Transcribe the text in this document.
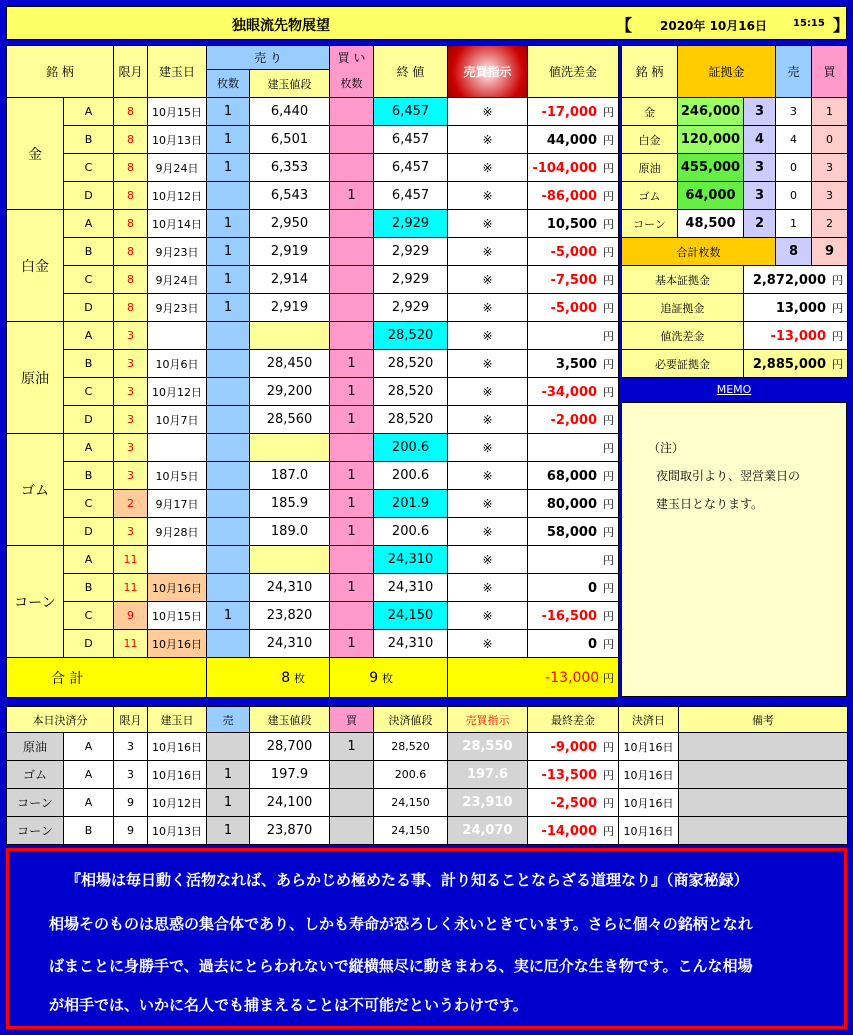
独眼流先物展望	【 2020年 10月16日	15:15 】
銘 柄		限月	建玉日	売 り		買 い	終 値	売買指示	値洗差金
				枚数	建玉値段	枚数			
金	A	8	10月15日	1	6,440		6,457	※	-17,000 円
	B	8	10月13日	1	6,501		6,457	※	44,000 円
	C	8	9月24日	1	6,353		6,457	※	-104,000 円
	D	8	10月12日		6,543	1	6,457	※	-86,000 円
白金	A	8	10月14日	1	2,950		2,929	※	10,500 円
	B	8	9月23日	1	2,919		2,929	※	-5,000 円
	C	8	9月24日	1	2,914		2,929	※	-7,500 円
	D	8	9月23日	1	2,919		2,929	※	-5,000 円
原油	A	3					28,520	※	円
	B	3	10月6日		28,450	1	28,520	※	3,500 円
	C	3	10月12日		29,200	1	28,520	※	-34,000 円
	D	3	10月7日		28,560	1	28,520	※	-2,000 円
ゴム	A	3					200.6	※	円
	B	3	10月5日		187.0	1	200.6	※	68,000 円
	C	2	9月17日		185.9	1	201.9	※	80,000 円
	D	3	9月28日		189.0	1	200.6	※	58,000 円
コーン	A	11					24,310	※	円
	B	11	10月16日		24,310	1	24,310	※	0 円
	C	9	10月15日	1	23,820		24,150	※	-16,500 円
	D	11	10月16日		24,310	1	24,310	※	0 円
合 計				8 枚		9 枚		-13,000 円	
銘 柄	証拠金		売	買
金	246,000	3	3	1
白金	120,000	4	4	0
原油	455,000	3	0	3
ゴム	64,000	3	0	3
コーン	48,500	2	1	2
合計枚数			8	9
基本証拠金		2,872,000 円		
追証拠金		13,000 円		
値洗差金		-13,000 円		
必要証拠金		2,885,000 円		
MEMO
（注）
夜間取引より、翌営業日の
建玉日となります。
本日決済分		限月	建玉日	売	建玉値段	買	決済値段	売買指示	最終差金	決済日	備考
原油	A	3	10月16日		28,700	1	28,520	28,550	-9,000 円	10月16日	
ゴム	A	3	10月16日	1	197.9		200.6	197.6	-13,500 円	10月16日	
コーン	A	9	10月12日	1	24,100		24,150	23,910	-2,500 円	10月16日	
コーン	B	9	10月13日	1	23,870		24,150	24,070	-14,000 円	10月16日	
『相場は毎日動く活物なれば、あらかじめ極めたる事、計り知ることならざる道理なり』（商家秘録）
相場そのものは思惑の集合体であり、しかも寿命が恐ろしく永いときています。さらに個々の銘柄となれ
ばまことに身勝手で、過去にとらわれないで縦横無尽に動きまわる、実に厄介な生き物です。こんな相場
が相手では、いかに名人でも捕まえることは不可能だというわけです。
